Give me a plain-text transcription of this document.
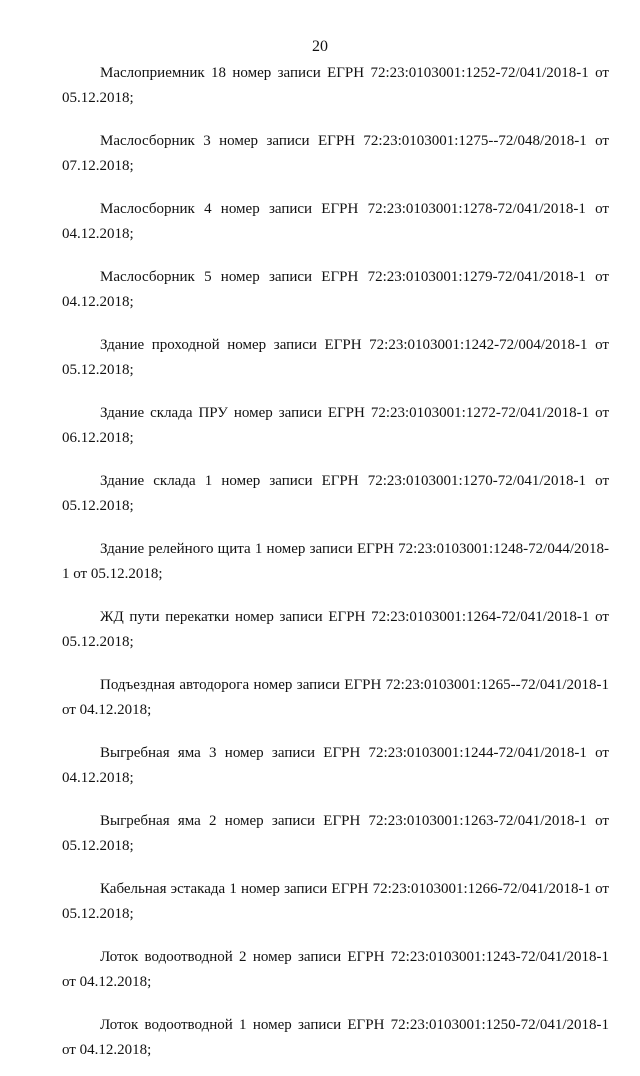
20
Маслоприемник 18 номер записи ЕГРН 72:23:0103001:1252-72/041/2018-1 от
05.12.2018;
Маслосборник 3 номер записи ЕГРН 72:23:0103001:1275--72/048/2018-1 от
07.12.2018;
Маслосборник 4 номер записи ЕГРН 72:23:0103001:1278-72/041/2018-1 от
04.12.2018;
Маслосборник 5 номер записи ЕГРН 72:23:0103001:1279-72/041/2018-1 от
04.12.2018;
Здание проходной номер записи ЕГРН 72:23:0103001:1242-72/004/2018-1 от
05.12.2018;
Здание склада ПРУ номер записи ЕГРН 72:23:0103001:1272-72/041/2018-1 от
06.12.2018;
Здание склада 1 номер записи ЕГРН 72:23:0103001:1270-72/041/2018-1 от
05.12.2018;
Здание релейного щита 1 номер записи ЕГРН 72:23:0103001:1248-72/044/2018-
1 от 05.12.2018;
ЖД пути перекатки номер записи ЕГРН 72:23:0103001:1264-72/041/2018-1 от
05.12.2018;
Подъездная автодорога номер записи ЕГРН 72:23:0103001:1265--72/041/2018-1
от 04.12.2018;
Выгребная яма 3 номер записи ЕГРН 72:23:0103001:1244-72/041/2018-1 от
04.12.2018;
Выгребная яма 2 номер записи ЕГРН 72:23:0103001:1263-72/041/2018-1 от
05.12.2018;
Кабельная эстакада 1 номер записи ЕГРН 72:23:0103001:1266-72/041/2018-1 от
05.12.2018;
Лоток водоотводной 2 номер записи ЕГРН 72:23:0103001:1243-72/041/2018-1
от 04.12.2018;
Лоток водоотводной 1 номер записи ЕГРН 72:23:0103001:1250-72/041/2018-1
от 04.12.2018;
